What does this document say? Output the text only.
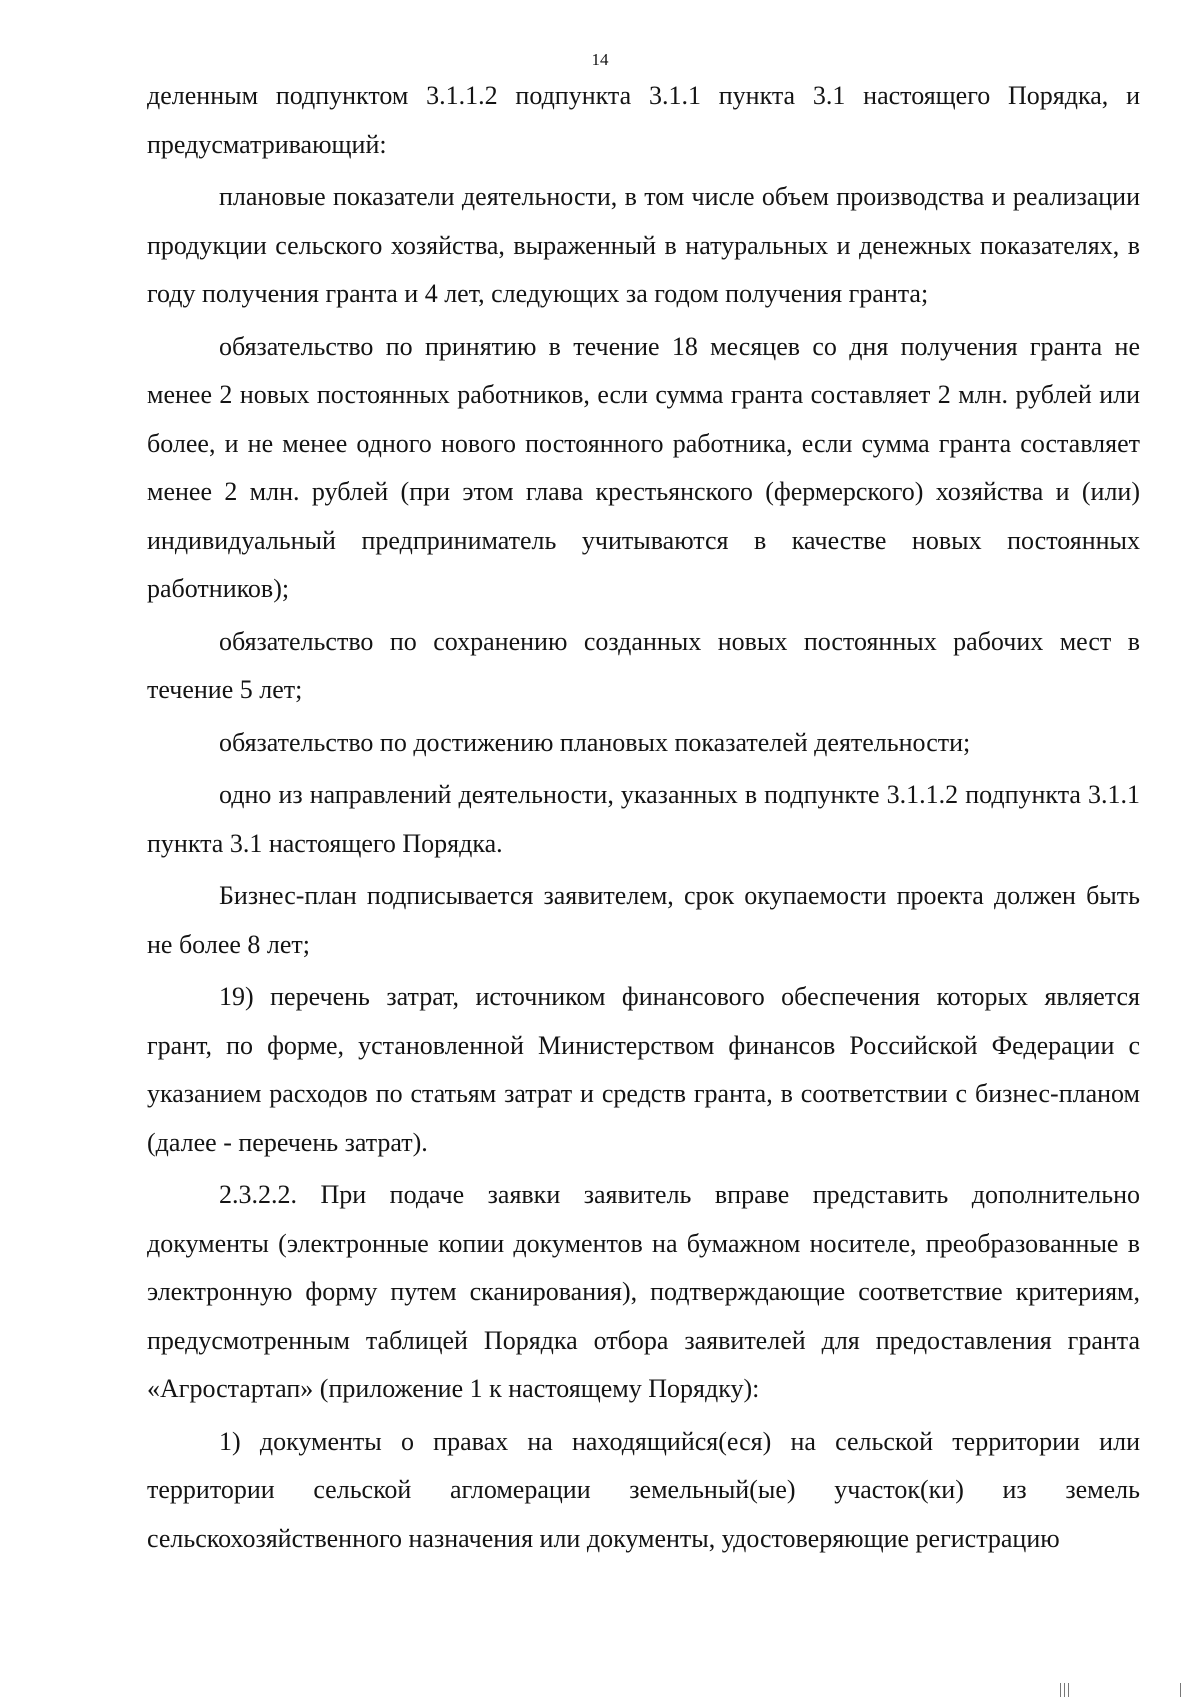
14

деленным подпунктом 3.1.1.2 подпункта 3.1.1 пункта 3.1 настоящего Порядка, и предусматривающий:

плановые показатели деятельности, в том числе объем производства и реализации продукции сельского хозяйства, выраженный в натуральных и денежных показателях, в году получения гранта и 4 лет, следующих за годом получения гранта;

обязательство по принятию в течение 18 месяцев со дня получения гранта не менее 2 новых постоянных работников, если сумма гранта составляет 2 млн. рублей или более, и не менее одного нового постоянного работника, если сумма гранта составляет менее 2 млн. рублей (при этом глава крестьянского (фермерского) хозяйства и (или) индивидуальный предприниматель учитываются в качестве новых постоянных работников);

обязательство по сохранению созданных новых постоянных рабочих мест в течение 5 лет;

обязательство по достижению плановых показателей деятельности;

одно из направлений деятельности, указанных в подпункте 3.1.1.2 подпункта 3.1.1 пункта 3.1 настоящего Порядка.

Бизнес-план подписывается заявителем, срок окупаемости проекта должен быть не более 8 лет;

19) перечень затрат, источником финансового обеспечения которых является грант, по форме, установленной Министерством финансов Российской Федерации с указанием расходов по статьям затрат и средств гранта, в соответствии с бизнес-планом (далее - перечень затрат).

2.3.2.2. При подаче заявки заявитель вправе представить дополнительно документы (электронные копии документов на бумажном носителе, преобразованные в электронную форму путем сканирования), подтверждающие соответствие критериям, предусмотренным таблицей Порядка отбора заявителей для предоставления гранта «Агростартап» (приложение 1 к настоящему Порядку):

1) документы о правах на находящийся(еся) на сельской территории или территории сельской агломерации земельный(ые) участок(ки) из земель сельскохозяйственного назначения или документы, удостоверяющие регистрацию
